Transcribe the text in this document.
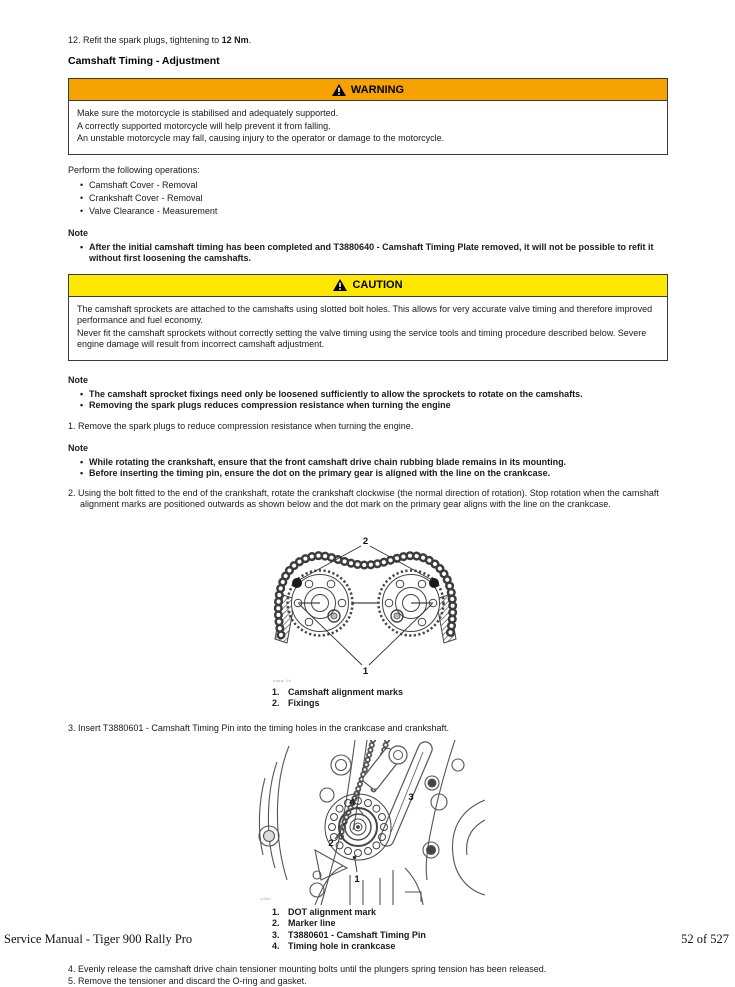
12. Refit the spark plugs, tightening to 12 Nm.

Camshaft Timing - Adjustment
WARNING

Make sure the motorcycle is stabilised and adequately supported.

A correctly supported motorcycle will help prevent it from falling.

An unstable motorcycle may fall, causing injury to the operator or damage to the motorcycle.

Perform the following operations:

• Camshaft Cover - Removal
• Crankshaft Cover - Removal
• Valve Clearance - Measurement

Note

• After the initial camshaft timing has been completed and T3880640 - Camshaft Timing Plate removed, it will not be possible to refit it without first loosening the camshafts.
CAUTION

The camshaft sprockets are attached to the camshafts using slotted bolt holes. This allows for very accurate valve timing and therefore improved performance and fuel economy.

Never fit the camshaft sprockets without correctly setting the valve timing using the service tools and timing procedure described below. Severe engine damage will result from incorrect camshaft adjustment.

Note

• The camshaft sprocket fixings need only be loosened sufficiently to allow the sprockets to rotate on the camshafts.
• Removing the spark plugs reduces compression resistance when turning the engine

1. Remove the spark plugs to reduce compression resistance when turning the engine.

Note

• While rotating the crankshaft, ensure that the front camshaft drive chain rubbing blade remains in its mounting.
• Before inserting the timing pin, ensure the dot on the primary gear is aligned with the line on the crankcase.

2. Using the bolt fitted to the end of the crankshaft, rotate the crankshaft clockwise (the normal direction of rotation). Stop rotation when the camshaft alignment marks are positioned outwards as shown below and the dot mark on the primary gear aligns with the line on the crankcase.

2
1
cqsw 1d
1. Camshaft alignment marks
2. Fixings

3. Insert T3880601 - Camshaft Timing Pin into the timing holes in the crankcase and crankshaft.

4	3
2
1
cfwh
1. DOT alignment mark
2. Marker line
3. T3880601 - Camshaft Timing Pin
4. Timing hole in crankcase

4. Evenly release the camshaft drive chain tensioner mounting bolts until the plungers spring tension has been released.

5. Remove the tensioner and discard the O-ring and gasket.

Service Manual - Tiger 900 Rally Pro	52 of 527
